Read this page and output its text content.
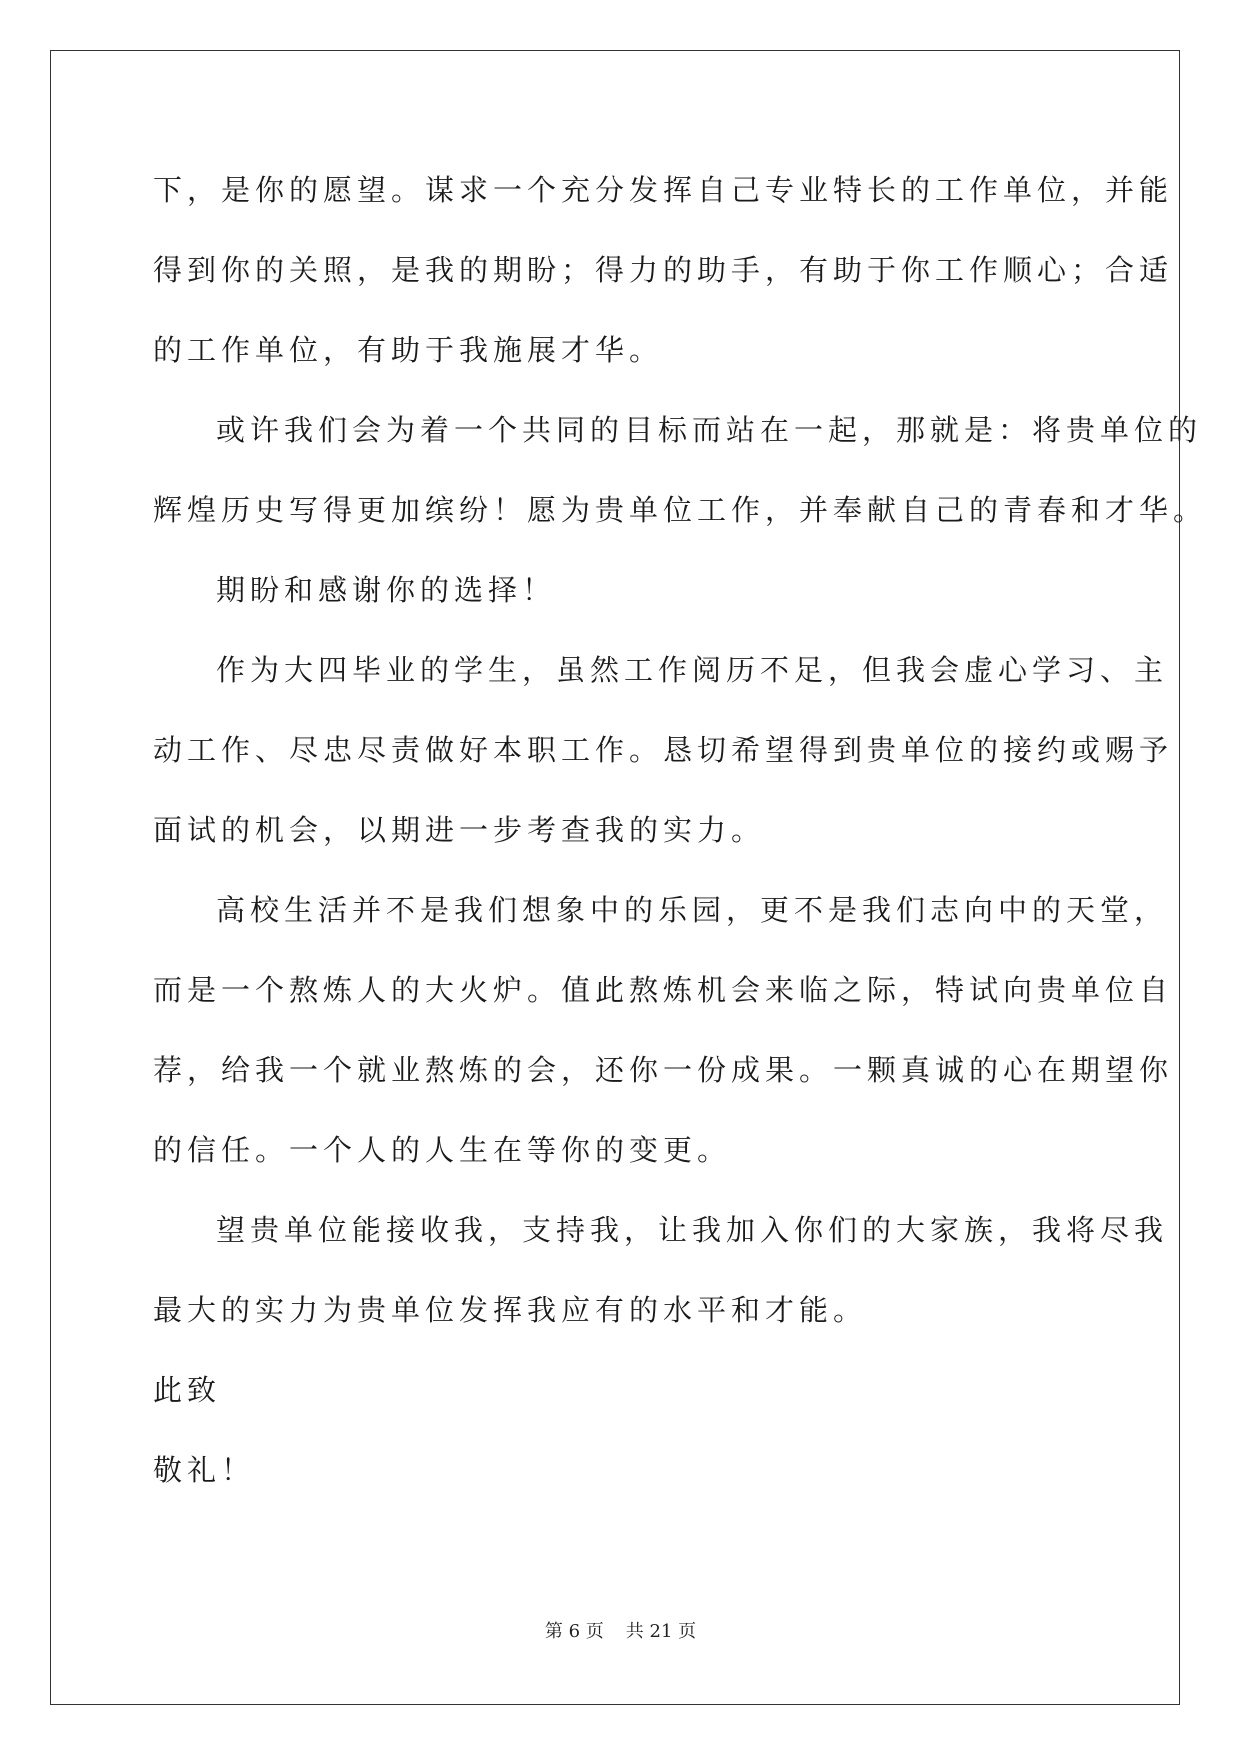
下，是你的愿望。谋求一个充分发挥自己专业特长的工作单位，并能
得到你的关照，是我的期盼；得力的助手，有助于你工作顺心；合适
的工作单位，有助于我施展才华。
或许我们会为着一个共同的目标而站在一起，那就是：将贵单位的
辉煌历史写得更加缤纷！愿为贵单位工作，并奉献自己的青春和才华。
期盼和感谢你的选择！
作为大四毕业的学生，虽然工作阅历不足，但我会虚心学习、主
动工作、尽忠尽责做好本职工作。恳切希望得到贵单位的接约或赐予
面试的机会，以期进一步考查我的实力。
高校生活并不是我们想象中的乐园，更不是我们志向中的天堂，
而是一个熬炼人的大火炉。值此熬炼机会来临之际，特试向贵单位自
荐，给我一个就业熬炼的会，还你一份成果。一颗真诚的心在期望你
的信任。一个人的人生在等你的变更。
望贵单位能接收我，支持我，让我加入你们的大家族，我将尽我
最大的实力为贵单位发挥我应有的水平和才能。
此致
敬礼！
第 6 页 共 21 页
